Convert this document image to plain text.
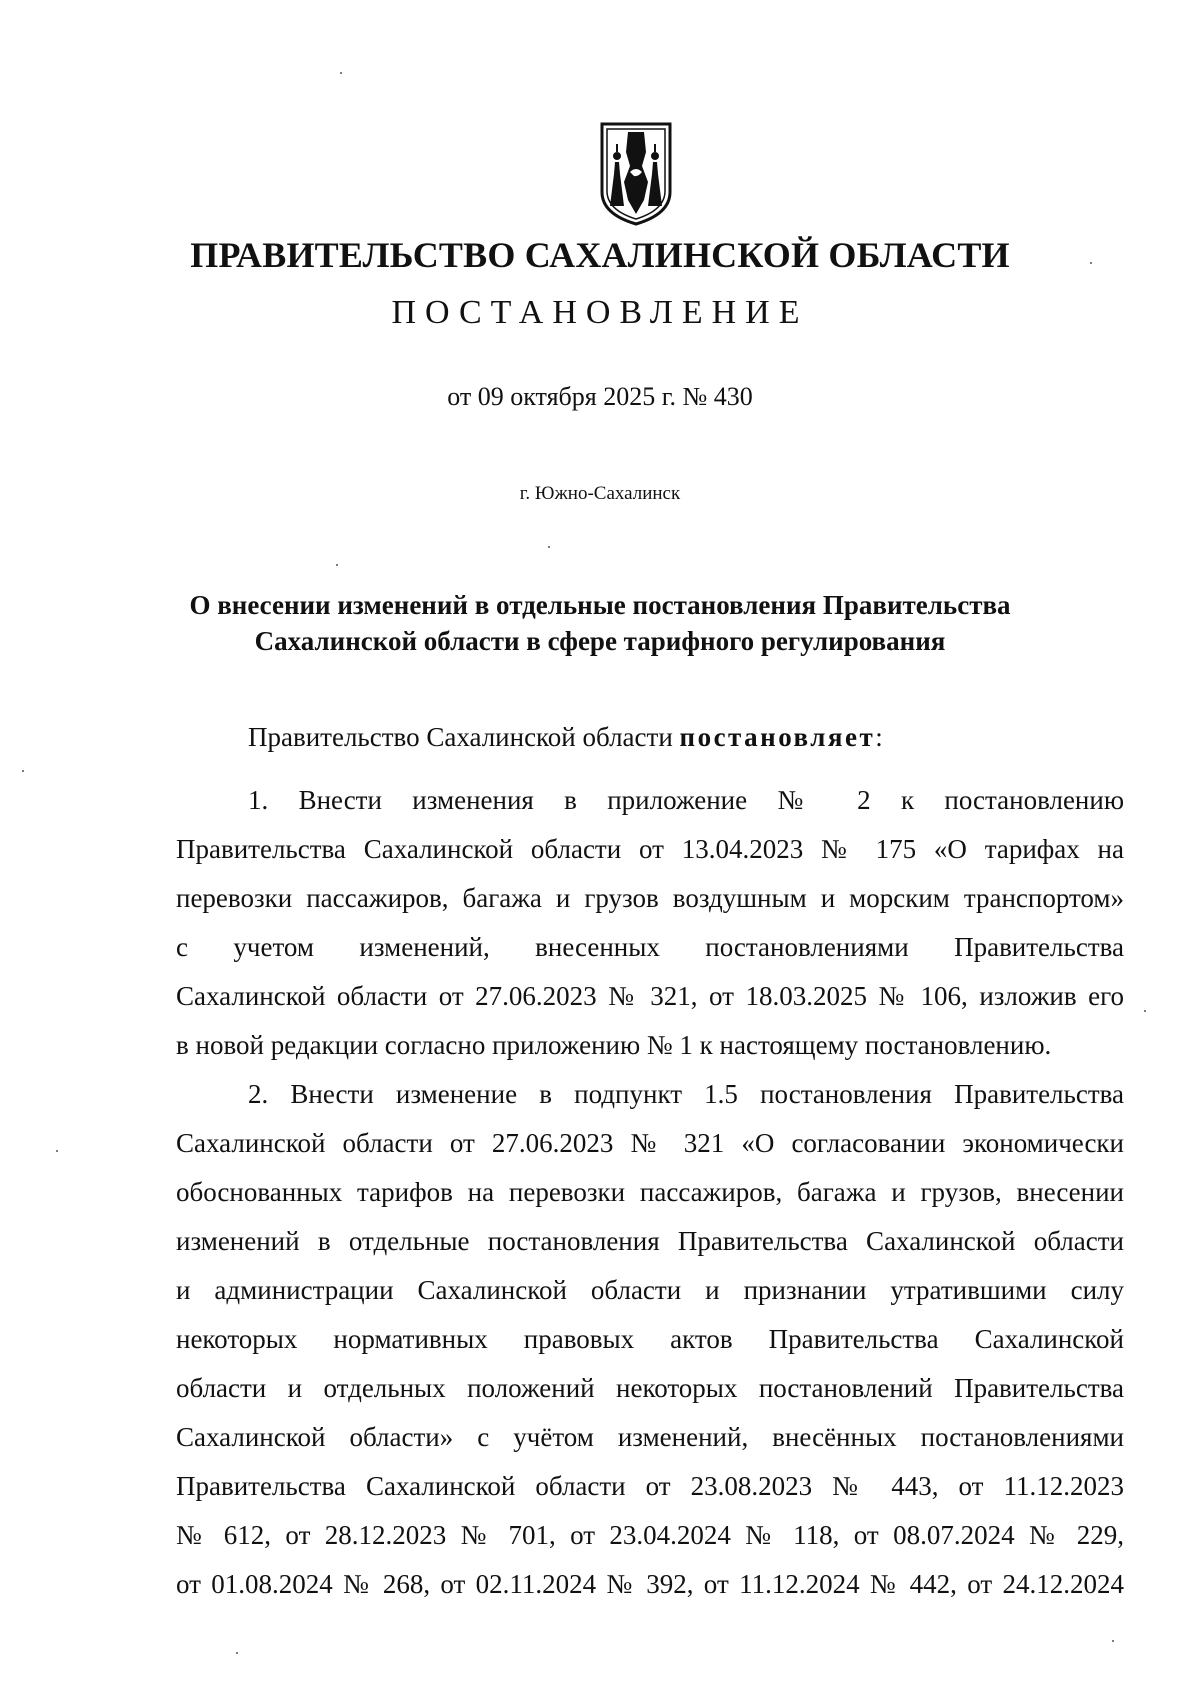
ПРАВИТЕЛЬСТВО САХАЛИНСКОЙ ОБЛАСТИ
ПОСТАНОВЛЕНИЕ
от 09 октября 2025 г. № 430
г. Южно-Сахалинск
О внесении изменений в отдельные постановления Правительства
Сахалинской области в сфере тарифного регулирования
Правительство Сахалинской области постановляет:
1. Внести изменения в приложение № 2 к постановлению
Правительства Сахалинской области от 13.04.2023 № 175 «О тарифах на
перевозки пассажиров, багажа и грузов воздушным и морским транспортом»
с учетом изменений, внесенных постановлениями Правительства
Сахалинской области от 27.06.2023 № 321, от 18.03.2025 № 106, изложив его
в новой редакции согласно приложению № 1 к настоящему постановлению.
2. Внести изменение в подпункт 1.5 постановления Правительства
Сахалинской области от 27.06.2023 № 321 «О согласовании экономически
обоснованных тарифов на перевозки пассажиров, багажа и грузов, внесении
изменений в отдельные постановления Правительства Сахалинской области
и администрации Сахалинской области и признании утратившими силу
некоторых нормативных правовых актов Правительства Сахалинской
области и отдельных положений некоторых постановлений Правительства
Сахалинской области» с учётом изменений, внесённых постановлениями
Правительства Сахалинской области от 23.08.2023 № 443, от 11.12.2023
№ 612, от 28.12.2023 № 701, от 23.04.2024 № 118, от 08.07.2024 № 229,
от 01.08.2024 № 268, от 02.11.2024 № 392, от 11.12.2024 № 442, от 24.12.2024
